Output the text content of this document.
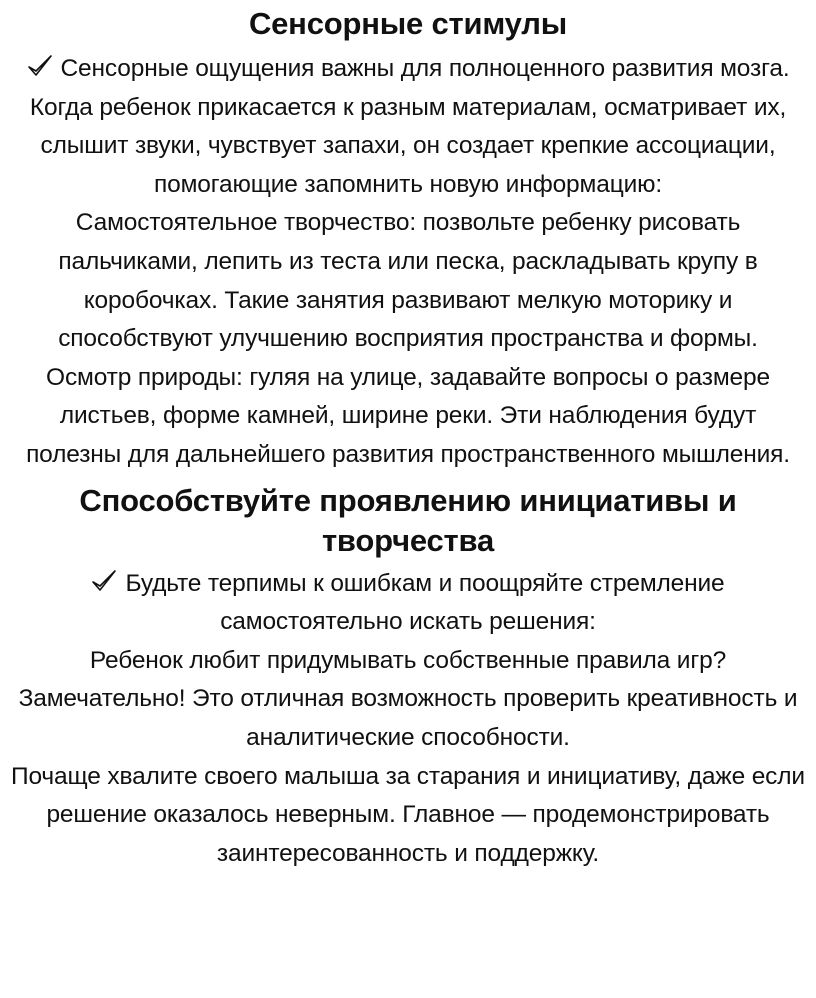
Сенсорные стимулы

Сенсорные ощущения важны для полноценного развития мозга. Когда ребенок прикасается к разным материалам, осматривает их, слышит звуки, чувствует запахи, он создает крепкие ассоциации, помогающие запомнить новую информацию:

Самостоятельное творчество: позвольте ребенку рисовать пальчиками, лепить из теста или песка, раскладывать крупу в коробочках. Такие занятия развивают мелкую моторику и способствуют улучшению восприятия пространства и формы.

Осмотр природы: гуляя на улице, задавайте вопросы о размере листьев, форме камней, ширине реки. Эти наблюдения будут полезны для дальнейшего развития пространственного мышления.

Способствуйте проявлению инициативы и творчества

Будьте терпимы к ошибкам и поощряйте стремление самостоятельно искать решения:

Ребенок любит придумывать собственные правила игр? Замечательно! Это отличная возможность проверить креативность и аналитические способности.

Почаще хвалите своего малыша за старания и инициативу, даже если решение оказалось неверным. Главное — продемонстрировать заинтересованность и поддержку.
